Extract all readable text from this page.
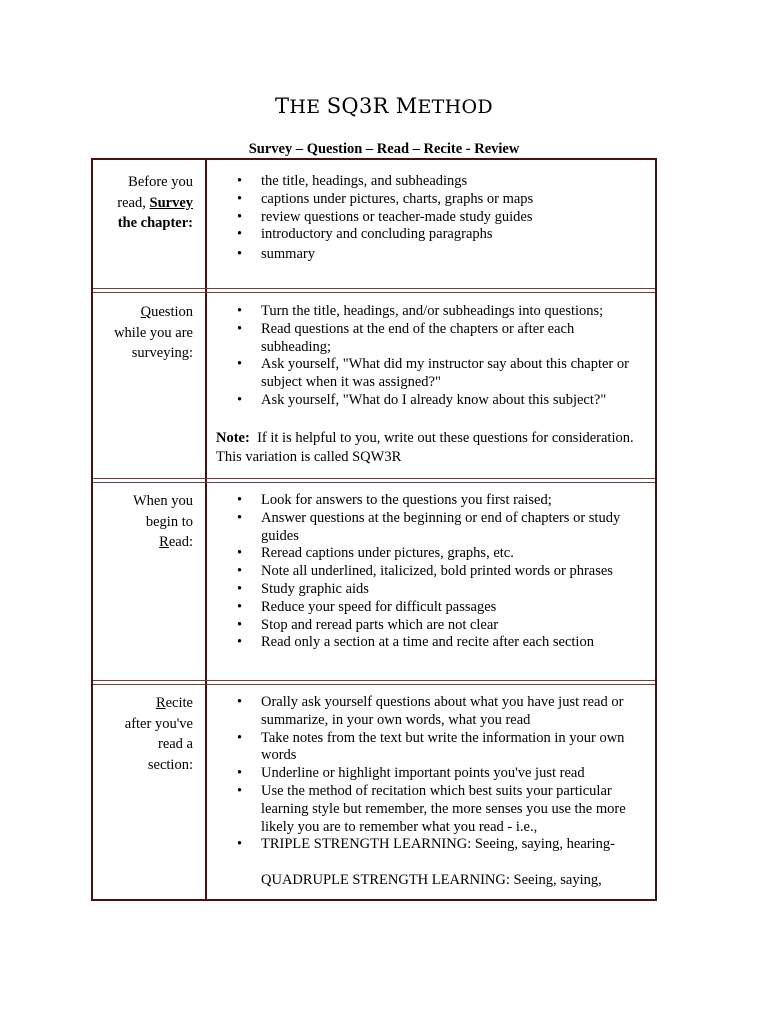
THE SQ3R METHOD
Survey – Question – Read – Recite - Review
Before you
read, Survey
the chapter:
• the title, headings, and subheadings
• captions under pictures, charts, graphs or maps
• review questions or teacher-made study guides
• introductory and concluding paragraphs
• summary
Question
while you are
surveying:
• Turn the title, headings, and/or subheadings into questions;
• Read questions at the end of the chapters or after each subheading;
• Ask yourself, "What did my instructor say about this chapter or subject when it was assigned?"
• Ask yourself, "What do I already know about this subject?"
Note: If it is helpful to you, write out these questions for consideration. This variation is called SQW3R
When you
begin to
Read:
• Look for answers to the questions you first raised;
• Answer questions at the beginning or end of chapters or study guides
• Reread captions under pictures, graphs, etc.
• Note all underlined, italicized, bold printed words or phrases
• Study graphic aids
• Reduce your speed for difficult passages
• Stop and reread parts which are not clear
• Read only a section at a time and recite after each section
Recite
after you've
read a
section:
• Orally ask yourself questions about what you have just read or summarize, in your own words, what you read
• Take notes from the text but write the information in your own words
• Underline or highlight important points you've just read
• Use the method of recitation which best suits your particular learning style but remember, the more senses you use the more likely you are to remember what you read - i.e.,
• TRIPLE STRENGTH LEARNING: Seeing, saying, hearing-
QUADRUPLE STRENGTH LEARNING: Seeing, saying,
